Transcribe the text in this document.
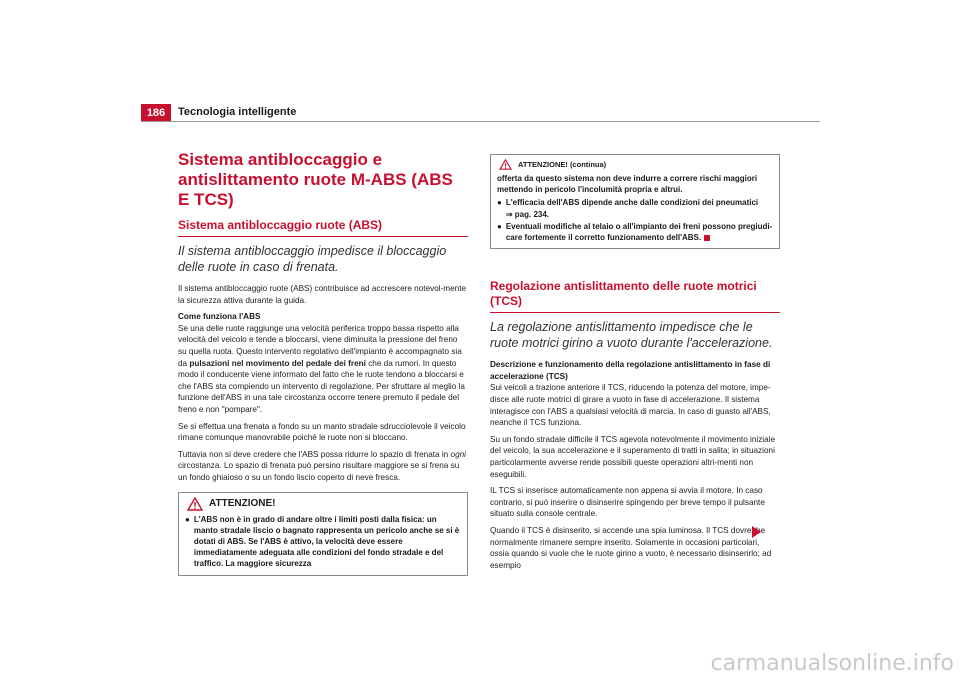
186	Tecnologia intelligente
Sistema antibloccaggio e antislittamento ruote M-ABS (ABS E TCS)
Sistema antibloccaggio ruote (ABS)

Il sistema antibloccaggio impedisce il bloccaggio delle ruote in caso di frenata.

Il sistema antibloccaggio ruote (ABS) contribuisce ad accrescere notevol-mente la sicurezza attiva durante la guida.

Come funziona l'ABS

Se una delle ruote raggiunge una velocità periferica troppo bassa rispetto alla velocità del veicolo e tende a bloccarsi, viene diminuita la pressione del freno su quella ruota. Questo intervento regolativo dell'impianto è accompagnato sia da pulsazioni nel movimento del pedale dei freni che da rumori. In questo modo il conducente viene informato del fatto che le ruote tendono a bloccarsi e che l'ABS sta compiendo un intervento di regolazione. Per sfruttare al meglio la funzione dell'ABS in una tale circostanza occorre tenere premuto il pedale del freno e non "pompare".

Se si effettua una frenata a fondo su un manto stradale sdrucciolevole il veicolo rimane comunque manovrabile poiché le ruote non si bloccano.

Tuttavia non si deve credere che l'ABS possa ridurre lo spazio di frenata in ogni circostanza. Lo spazio di frenata può persino risultare maggiore se si frena su un fondo ghiaioso o su un fondo liscio coperto di neve fresca.

ATTENZIONE!
● L'ABS non è in grado di andare oltre i limiti posti dalla fisica: un manto stradale liscio o bagnato rappresenta un pericolo anche se si è dotati di ABS. Se l'ABS è attivo, la velocità deve essere immediatamente adeguata alle condizioni del fondo stradale e del traffico. La maggiore sicurezza
ATTENZIONE! (continua)

offerta da questo sistema non deve indurre a correre rischi maggiori mettendo in pericolo l'incolumità propria e altrui.

● L'efficacia dell'ABS dipende anche dalle condizioni dei pneumatici
⇒ pag. 234.
● Eventuali modifiche al telaio o all'impianto dei freni possono pregiudi-care fortemente il corretto funzionamento dell'ABS.
Regolazione antislittamento delle ruote motrici (TCS)

La regolazione antislittamento impedisce che le ruote motrici girino a vuoto durante l'accelerazione.

Descrizione e funzionamento della regolazione antislittamento in fase di accelerazione (TCS)

Sui veicoli a trazione anteriore il TCS, riducendo la potenza del motore, impe-disce alle ruote motrici di girare a vuoto in fase di accelerazione. Il sistema interagisce con l'ABS a qualsiasi velocità di marcia. In caso di guasto all'ABS, neanche il TCS funziona.

Su un fondo stradale difficile il TCS agevola notevolmente il movimento iniziale del veicolo, la sua accelerazione e il superamento di tratti in salita; in situazioni particolarmente avverse rende possibili queste operazioni altri-menti non eseguibili.

IL TCS si inserisce automaticamente non appena si avvia il motore. In caso contrario, si può inserire o disinserire spingendo per breve tempo il pulsante situato sulla console centrale.

Quando il TCS è disinserito, si accende una spia luminosa. Il TCS dovrebbe normalmente rimanere sempre inserito. Solamente in occasioni particolari, ossia quando si vuole che le ruote girino a vuoto, è necessario disinserirlo; ad esempio

carmanualsonline.info
